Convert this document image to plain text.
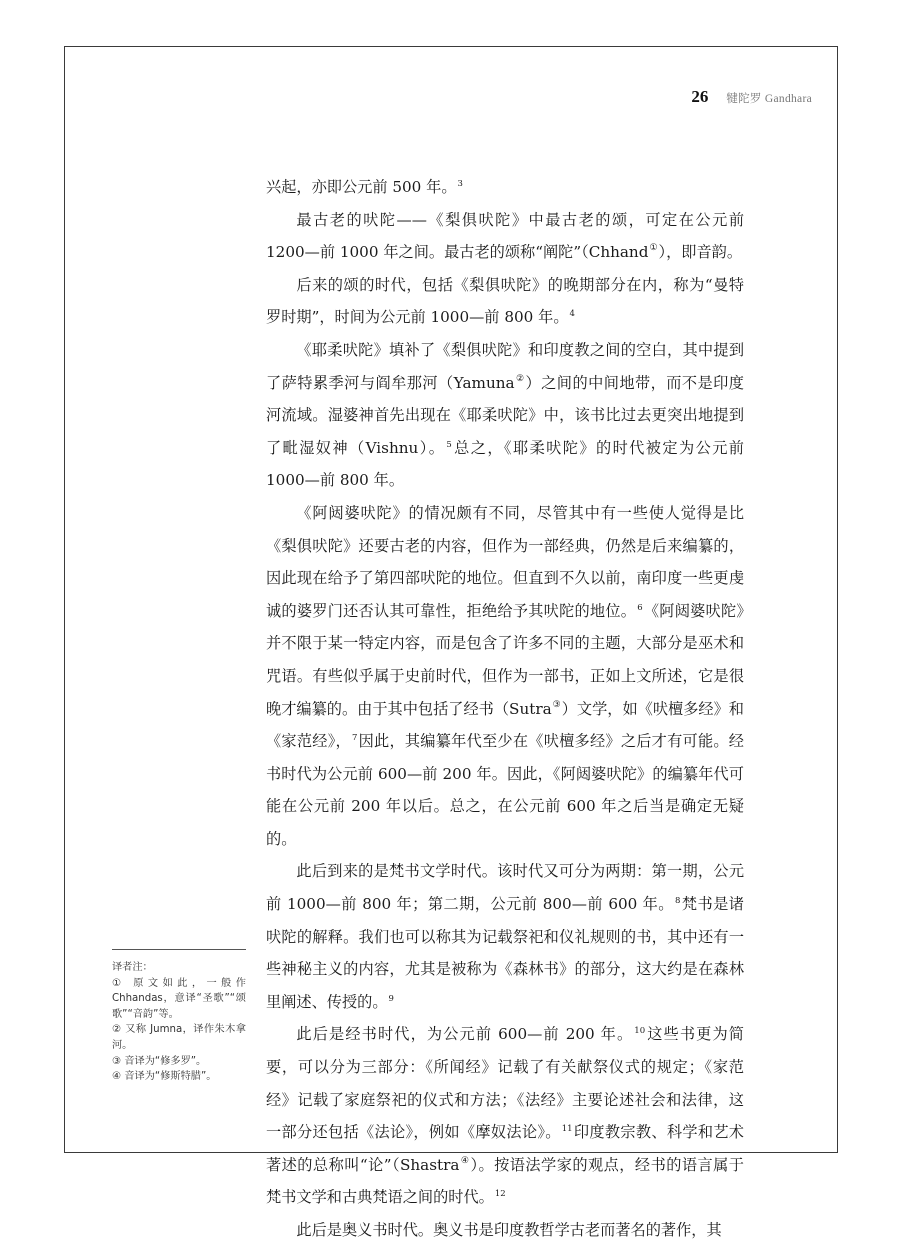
26 犍陀罗 Gandhara

兴起，亦即公元前 500 年。$^3$

最古老的吠陀——《梨俱吠陀》中最古老的颂，可定在公元前1200—前 1000 年之间。最古老的颂称“阐陀”（Chhand①），即音韵。

后来的颂的时代，包括《梨俱吠陀》的晚期部分在内，称为“曼特罗时期”，时间为公元前 1000—前 800 年。$^4$

《耶柔吠陀》填补了《梨俱吠陀》和印度教之间的空白，其中提到了萨特累季河与阎牟那河（Yamuna②）之间的中间地带，而不是印度河流域。湿婆神首先出现在《耶柔吠陀》中，该书比过去更突出地提到了毗湿奴神（Vishnu）。$^5$总之，《耶柔吠陀》的时代被定为公元前 1000—前 800 年。

《阿闼婆吠陀》的情况颇有不同，尽管其中有一些使人觉得是比《梨俱吠陀》还要古老的内容，但作为一部经典，仍然是后来编纂的，因此现在给予了第四部吠陀的地位。但直到不久以前，南印度一些更虔诚的婆罗门还否认其可靠性，拒绝给予其吠陀的地位。$^6$《阿闼婆吠陀》并不限于某一特定内容，而是包含了许多不同的主题，大部分是巫术和咒语。有些似乎属于史前时代，但作为一部书，正如上文所述，它是很晚才编纂的。由于其中包括了经书（Sutra③）文学，如《吠檀多经》和《家范经》，$^7$因此，其编纂年代至少在《吠檀多经》之后才有可能。经书时代为公元前 600—前 200 年。因此，《阿闼婆吠陀》的编纂年代可能在公元前 200 年以后。总之，在公元前 600 年之后当是确定无疑的。

此后到来的是梵书文学时代。该时代又可分为两期：第一期，公元前 1000—前 800 年；第二期，公元前 800—前 600 年。$^8$梵书是诸吠陀的解释。我们也可以称其为记载祭祀和仪礼规则的书，其中还有一些神秘主义的内容，尤其是被称为《森林书》的部分，这大约是在森林里阐述、传授的。$^9$

此后是经书时代，为公元前 600—前 200 年。$^{10}$这些书更为简要，可以分为三部分：《所闻经》记载了有关献祭仪式的规定；《家范经》记载了家庭祭祀的仪式和方法；《法经》主要论述社会和法律，这一部分还包括《法论》，例如《摩奴法论》。$^{11}$印度教宗教、科学和艺术著述的总称叫“论”（Shastra④）。按语法学家的观点，经书的语言属于梵书文学和古典梵语之间的时代。$^{12}$

此后是奥义书时代。奥义书是印度教哲学古老而著名的著作，其

译者注：
① 原文如此，一般作 Chhandas，意译“圣歌”“颂歌”“音韵”等。
② 又称 Jumna，译作朱木拿河。
③ 音译为“修多罗”。
④ 音译为“修斯特腊”。
